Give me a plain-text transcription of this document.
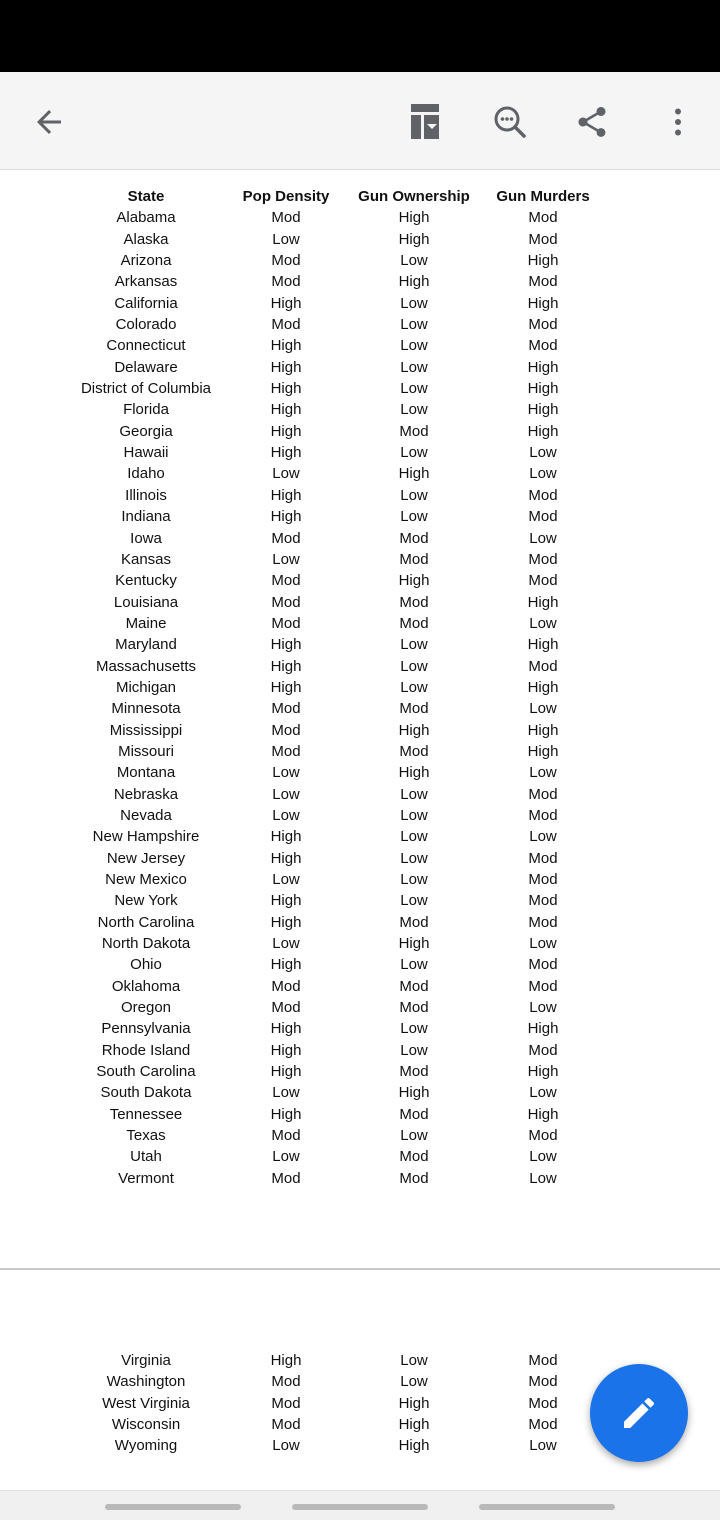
State	Pop Density	Gun Ownership	Gun Murders
Alabama	Mod	High	Mod
Alaska	Low	High	Mod
Arizona	Mod	Low	High
Arkansas	Mod	High	Mod
California	High	Low	High
Colorado	Mod	Low	Mod
Connecticut	High	Low	Mod
Delaware	High	Low	High
District of Columbia	High	Low	High
Florida	High	Low	High
Georgia	High	Mod	High
Hawaii	High	Low	Low
Idaho	Low	High	Low
Illinois	High	Low	Mod
Indiana	High	Low	Mod
Iowa	Mod	Mod	Low
Kansas	Low	Mod	Mod
Kentucky	Mod	High	Mod
Louisiana	Mod	Mod	High
Maine	Mod	Mod	Low
Maryland	High	Low	High
Massachusetts	High	Low	Mod
Michigan	High	Low	High
Minnesota	Mod	Mod	Low
Mississippi	Mod	High	High
Missouri	Mod	Mod	High
Montana	Low	High	Low
Nebraska	Low	Low	Mod
Nevada	Low	Low	Mod
New Hampshire	High	Low	Low
New Jersey	High	Low	Mod
New Mexico	Low	Low	Mod
New York	High	Low	Mod
North Carolina	High	Mod	Mod
North Dakota	Low	High	Low
Ohio	High	Low	Mod
Oklahoma	Mod	Mod	Mod
Oregon	Mod	Mod	Low
Pennsylvania	High	Low	High
Rhode Island	High	Low	Mod
South Carolina	High	Mod	High
South Dakota	Low	High	Low
Tennessee	High	Mod	High
Texas	Mod	Low	Mod
Utah	Low	Mod	Low
Vermont	Mod	Mod	Low
Virginia	High	Low	Mod
Washington	Mod	Low	Mod
West Virginia	Mod	High	Mod
Wisconsin	Mod	High	Mod
Wyoming	Low	High	Low
